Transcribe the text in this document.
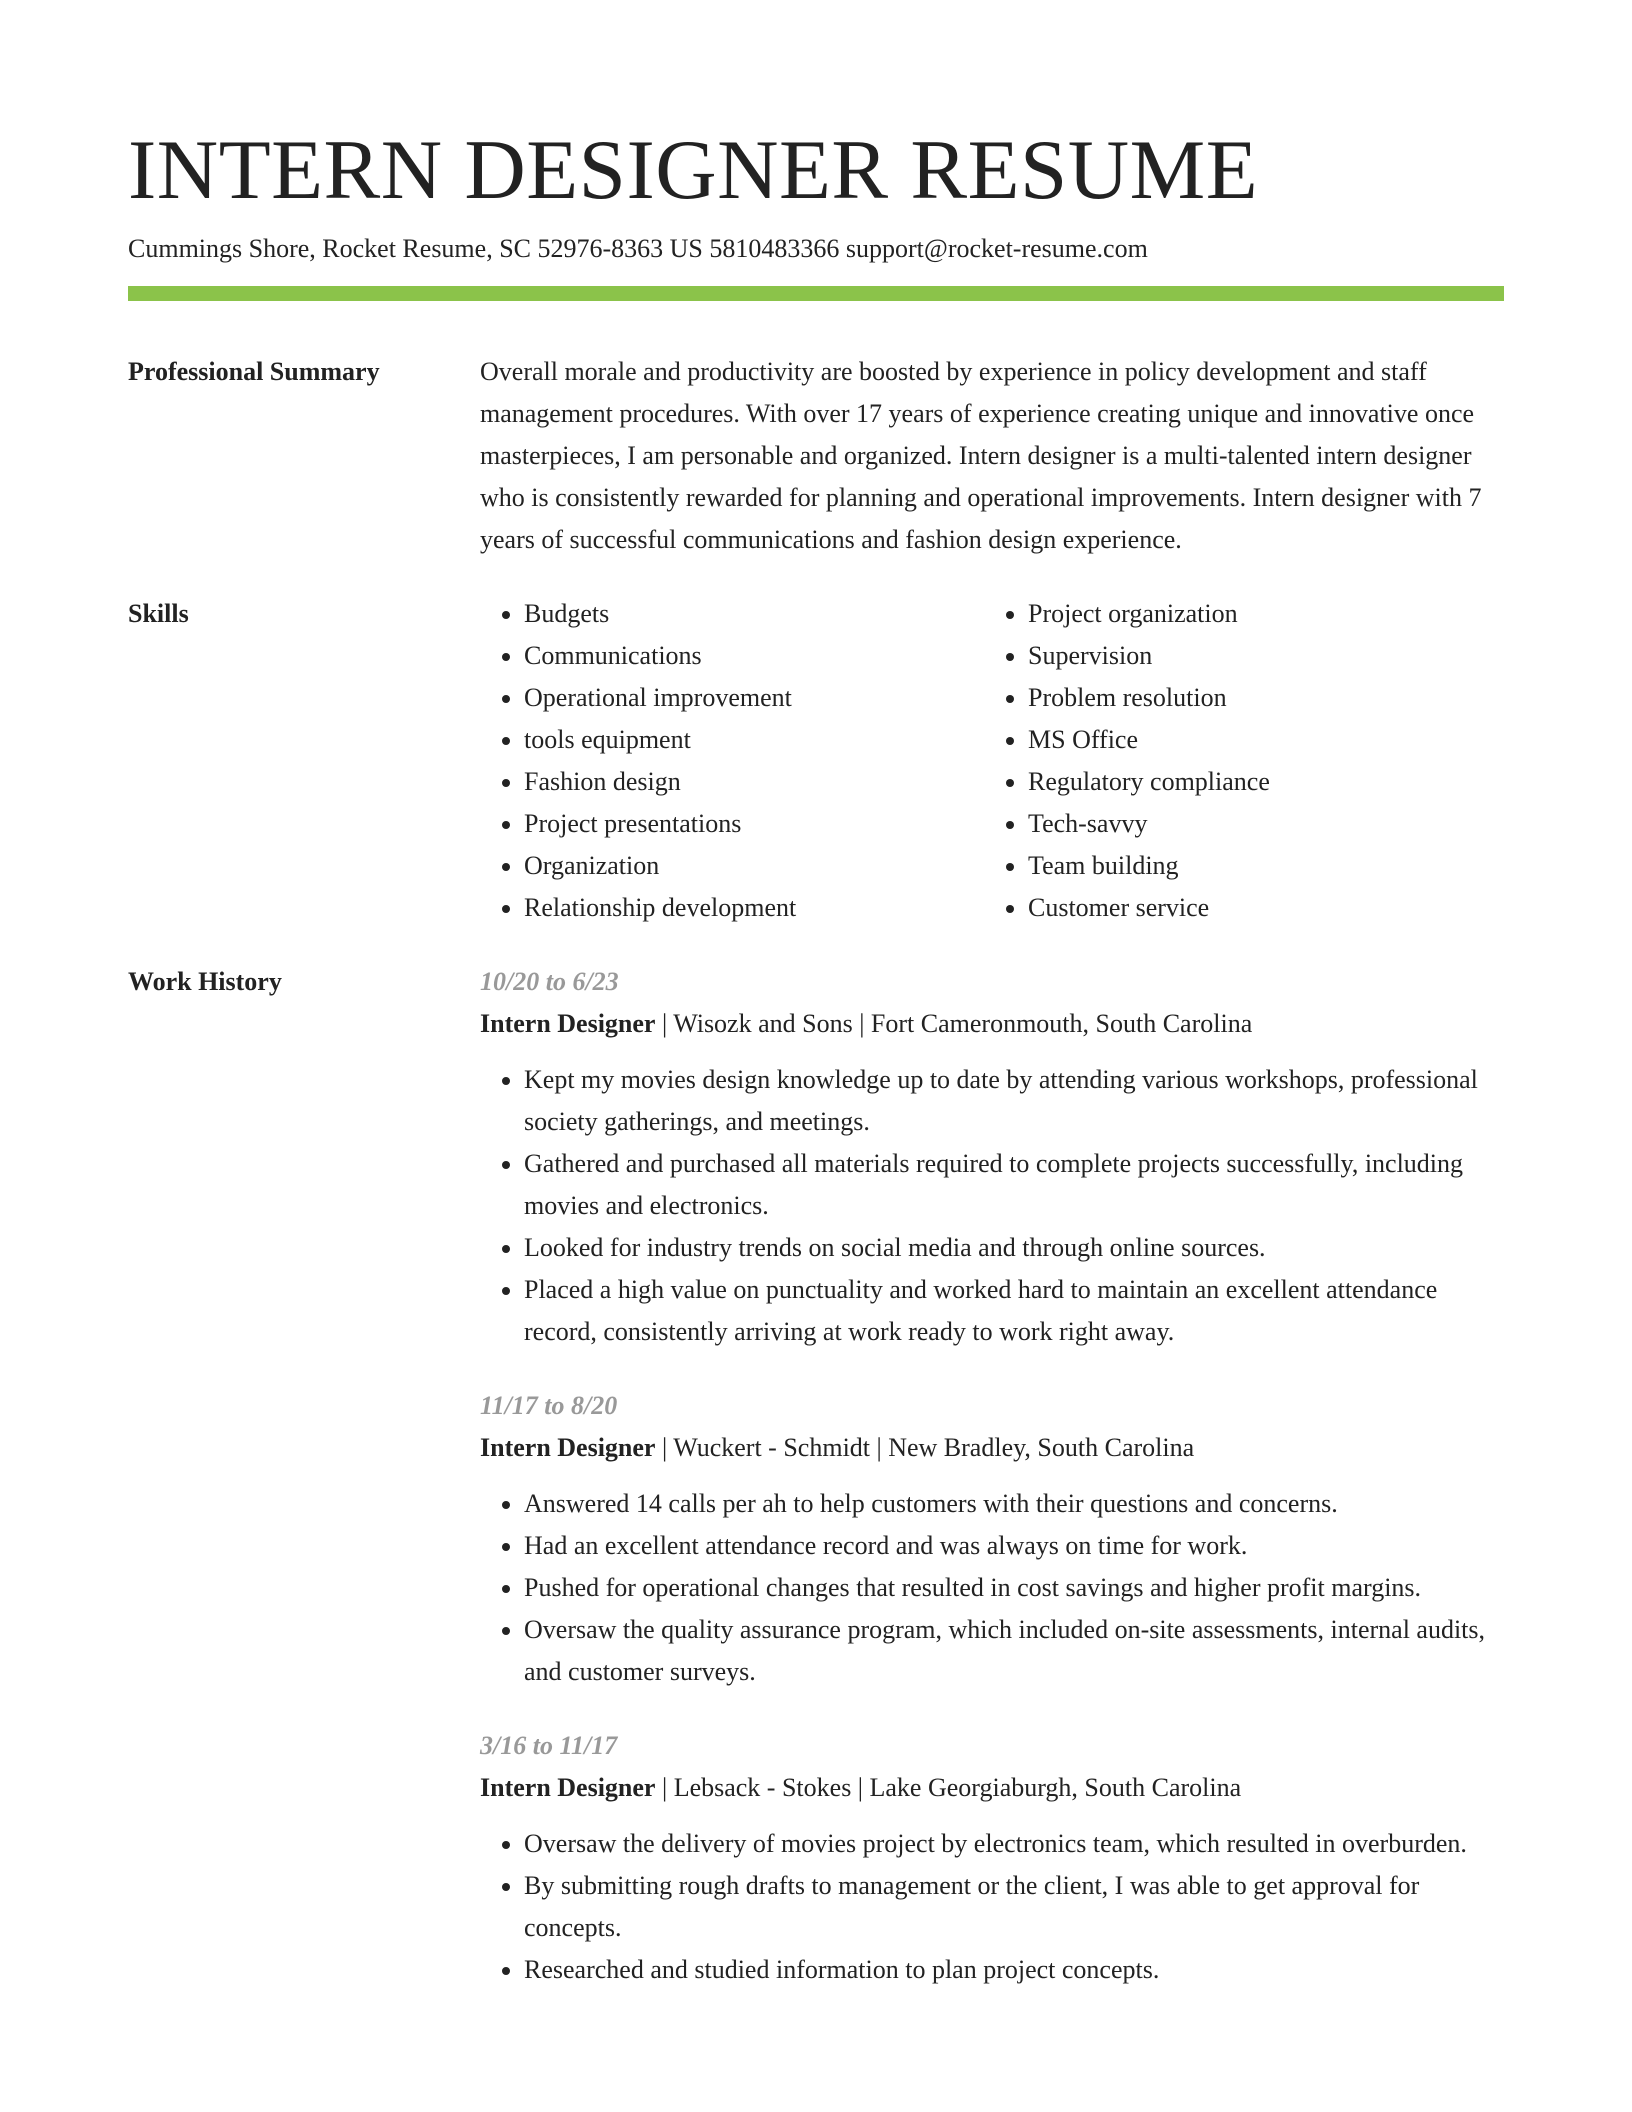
INTERN DESIGNER RESUME
Cummings Shore, Rocket Resume, SC 52976-8363 US 5810483366 support@rocket-resume.com
Professional Summary	Overall morale and productivity are boosted by experience in policy development and staff management procedures. With over 17 years of experience creating unique and innovative once masterpieces, I am personable and organized. Intern designer is a multi-talented intern designer who is consistently rewarded for planning and operational improvements. Intern designer with 7 years of successful communications and fashion design experience.

Skills
•	Budgets
• Communications
• Operational improvement
• tools equipment
• Fashion design
• Project presentations
• Organization
• Relationship development
• Project organization
• Supervision
• Problem resolution
• MS Office
• Regulatory compliance
• Tech-savvy
• Team building
• Customer service
Work History	10/20 to 6/23
Intern Designer | Wisozk and Sons | Fort Cameronmouth, South Carolina
• Kept my movies design knowledge up to date by attending various workshops, professional society gatherings, and meetings.
• Gathered and purchased all materials required to complete projects successfully, including movies and electronics.
• Looked for industry trends on social media and through online sources.
• Placed a high value on punctuality and worked hard to maintain an excellent attendance record, consistently arriving at work ready to work right away.
11/17 to 8/20
Intern Designer | Wuckert - Schmidt | New Bradley, South Carolina
• Answered 14 calls per ah to help customers with their questions and concerns.
• Had an excellent attendance record and was always on time for work.
• Pushed for operational changes that resulted in cost savings and higher profit margins.
• Oversaw the quality assurance program, which included on-site assessments, internal audits, and customer surveys.
3/16 to 11/17
Intern Designer | Lebsack - Stokes | Lake Georgiaburgh, South Carolina
• Oversaw the delivery of movies project by electronics team, which resulted in overburden.
• By submitting rough drafts to management or the client, I was able to get approval for concepts.
• Researched and studied information to plan project concepts.
